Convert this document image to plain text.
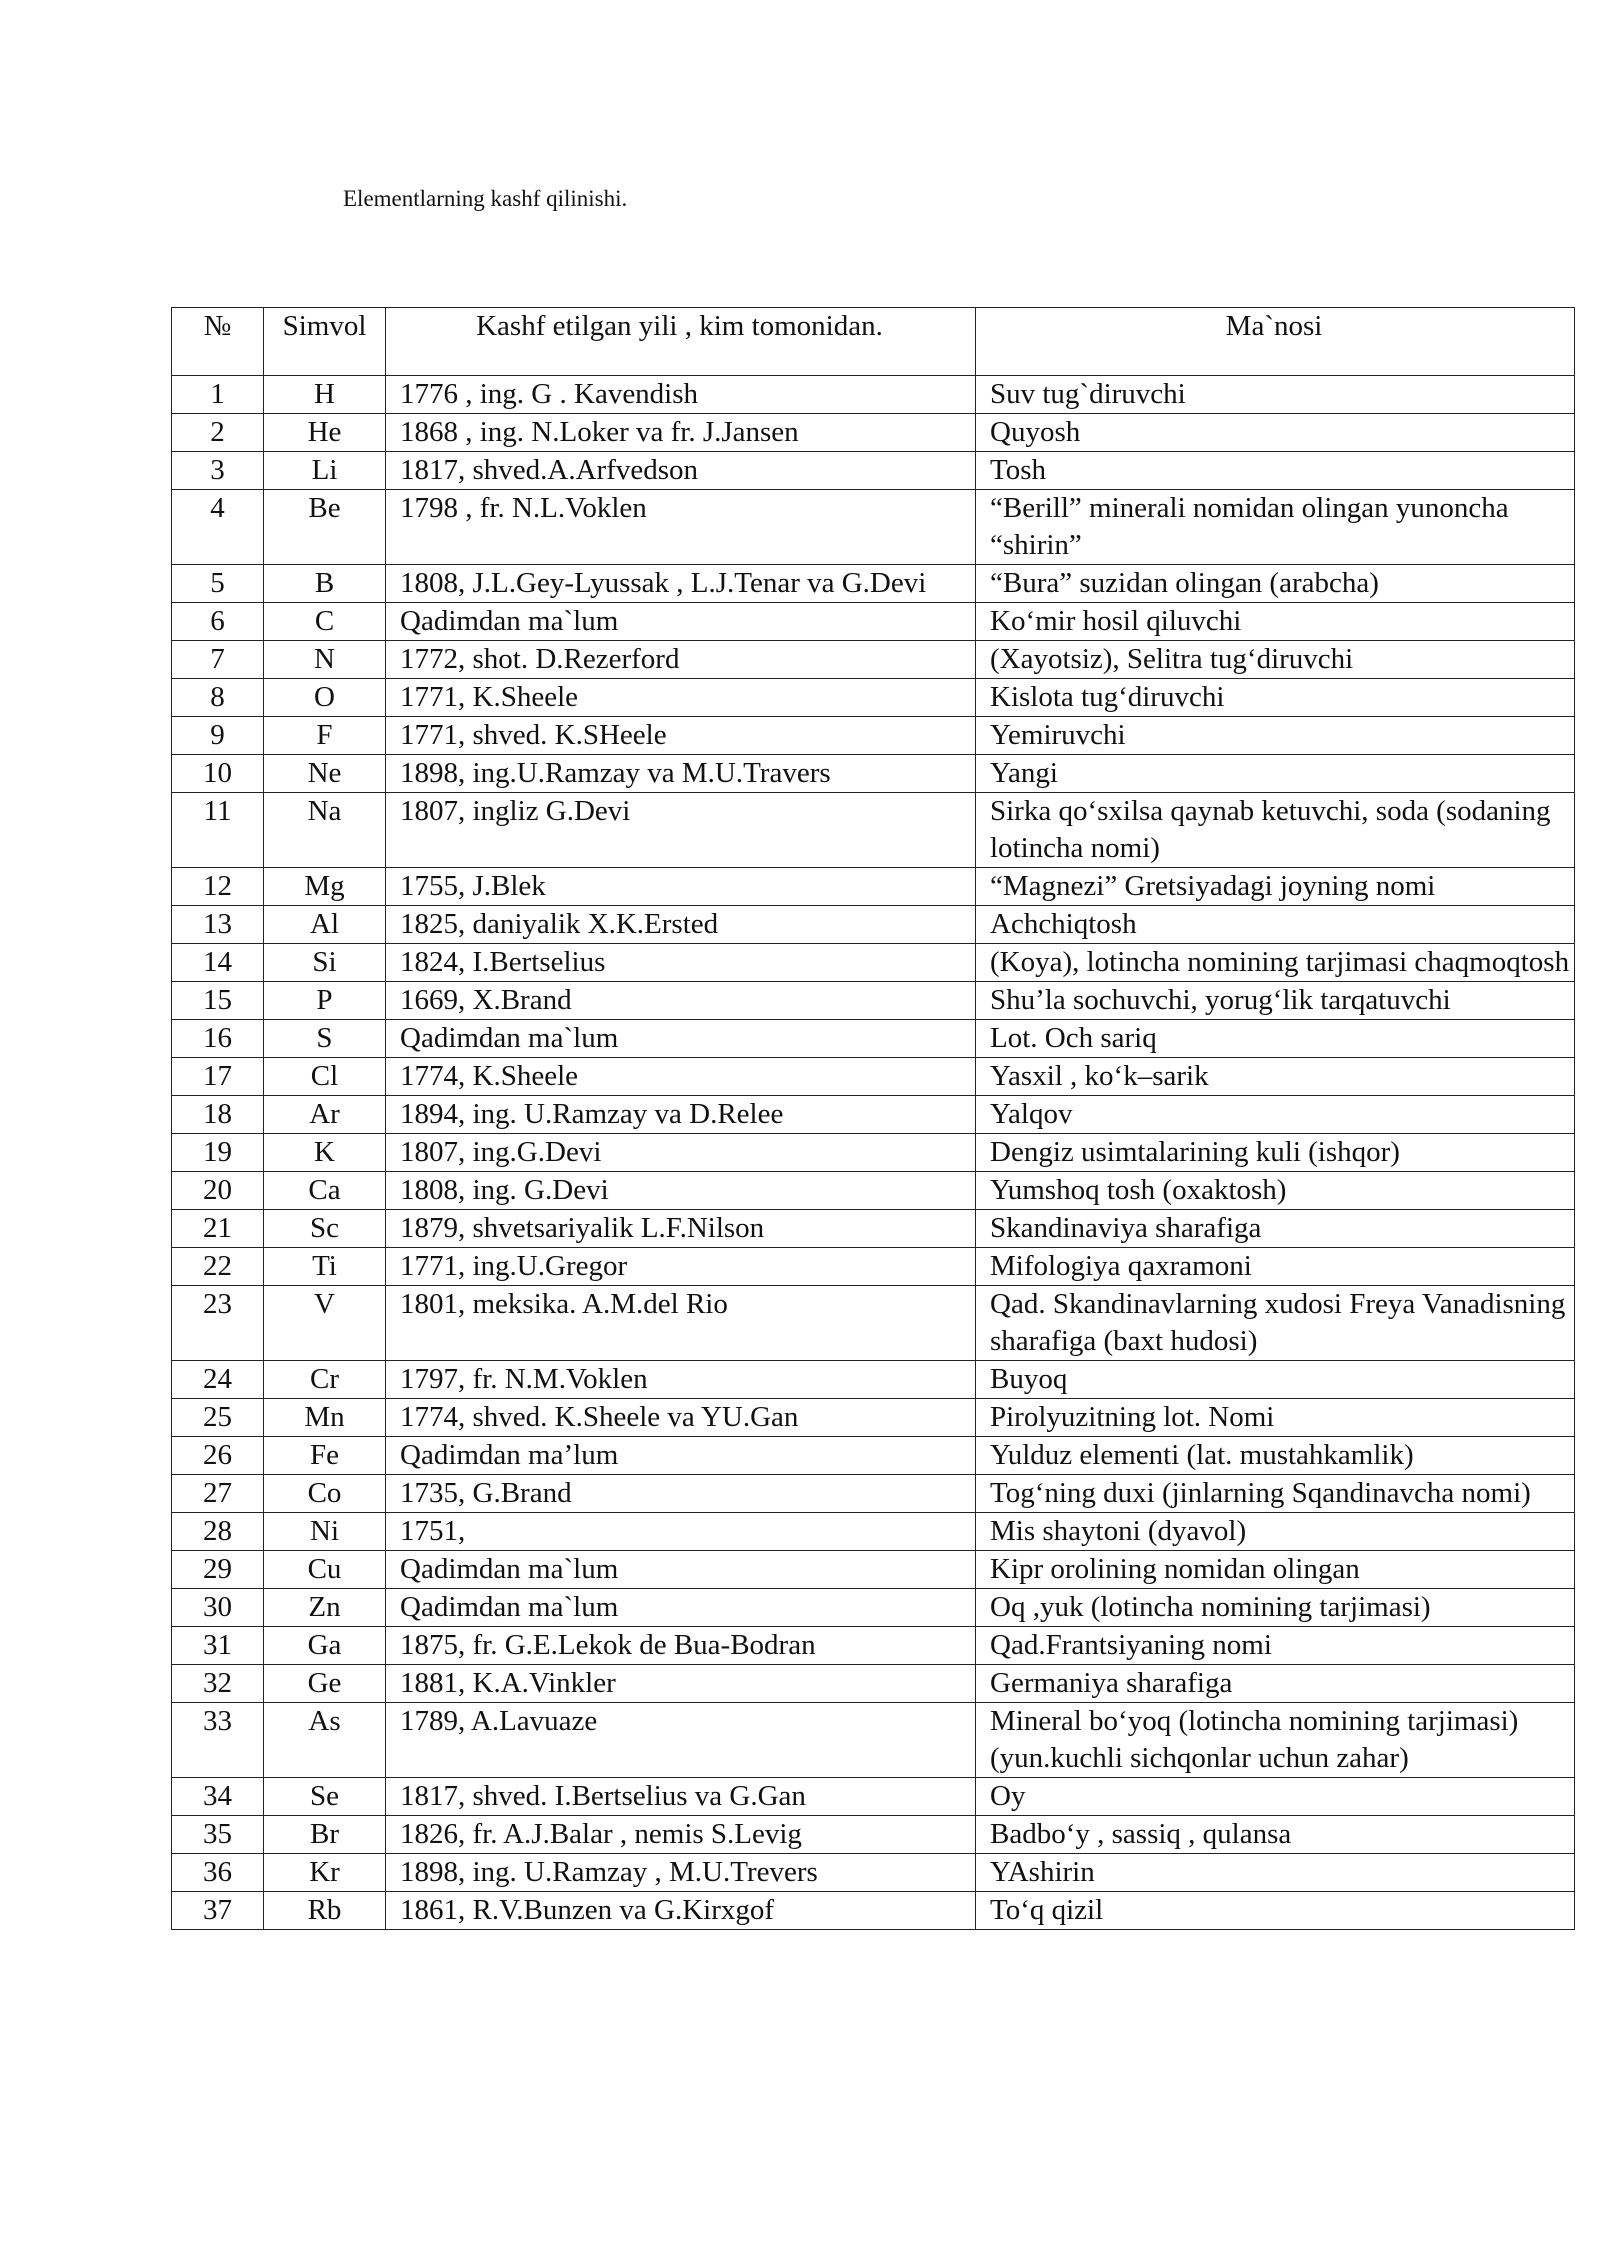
Elementlarning kashf qilinishi.
№	Simvol	Kashf etilgan yili , kim tomonidan.	Ma`nosi
1	H	1776 , ing. G . Kavendish	Suv tug`diruvchi
2	He	1868 , ing. N.Loker va fr. J.Jansen	Quyosh
3	Li	1817, shved.A.Arfvedson	Tosh
4	Be	1798 , fr. N.L.Voklen	“Berill” minerali nomidan olingan yunoncha “shirin”
5	B	1808, J.L.Gey-Lyussak , L.J.Tenar va G.Devi	“Bura” suzidan olingan (arabcha)
6	C	Qadimdan ma`lum	Ko‘mir hosil qiluvchi
7	N	1772, shot. D.Rezerford	(Xayotsiz), Selitra tug‘diruvchi
8	O	1771, K.Sheele	Kislota tug‘diruvchi
9	F	1771, shved. K.SHeele	Yemiruvchi
10	Ne	1898, ing.U.Ramzay va M.U.Travers	Yangi
11	Na	1807, ingliz G.Devi	Sirka qo‘sxilsa qaynab ketuvchi, soda (sodaning lotincha nomi)
12	Mg	1755, J.Blek	“Magnezi” Gretsiyadagi joyning nomi
13	Al	1825, daniyalik X.K.Ersted	Achchiqtosh
14	Si	1824, I.Bertselius	(Koya), lotincha nomining tarjimasi chaqmoqtosh
15	P	1669, X.Brand	Shu’la sochuvchi, yorug‘lik tarqatuvchi
16	S	Qadimdan ma`lum	Lot. Och sariq
17	Cl	1774, K.Sheele	Yasxil , ko‘k–sarik
18	Ar	1894, ing. U.Ramzay va D.Relee	Yalqov
19	K	1807, ing.G.Devi	Dengiz usimtalarining kuli (ishqor)
20	Ca	1808, ing. G.Devi	Yumshoq tosh (oxaktosh)
21	Sc	1879, shvetsariyalik L.F.Nilson	Skandinaviya sharafiga
22	Ti	1771, ing.U.Gregor	Mifologiya qaxramoni
23	V	1801, meksika. A.M.del Rio	Qad. Skandinavlarning xudosi Freya Vanadisning sharafiga (baxt hudosi)
24	Cr	1797, fr. N.M.Voklen	Buyoq
25	Mn	1774, shved. K.Sheele va YU.Gan	Pirolyuzitning lot. Nomi
26	Fe	Qadimdan ma’lum	Yulduz elementi (lat. mustahkamlik)
27	Co	1735, G.Brand	Tog‘ning duxi (jinlarning Sqandinavcha nomi)
28	Ni	1751,	Mis shaytoni (dyavol)
29	Cu	Qadimdan ma`lum	Kipr orolining nomidan olingan
30	Zn	Qadimdan ma`lum	Oq ,yuk (lotincha nomining tarjimasi)
31	Ga	1875, fr. G.E.Lekok de Bua-Bodran	Qad.Frantsiyaning nomi
32	Ge	1881, K.A.Vinkler	Germaniya sharafiga
33	As	1789, A.Lavuaze	Mineral bo‘yoq (lotincha nomining tarjimasi)(yun.kuchli sichqonlar uchun zahar)
34	Se	1817, shved. I.Bertselius va G.Gan	Oy
35	Br	1826, fr. A.J.Balar , nemis S.Levig	Badbo‘y , sassiq , qulansa
36	Kr	1898, ing. U.Ramzay , M.U.Trevers	YAshirin
37	Rb	1861, R.V.Bunzen va G.Kirxgof	To‘q qizil
